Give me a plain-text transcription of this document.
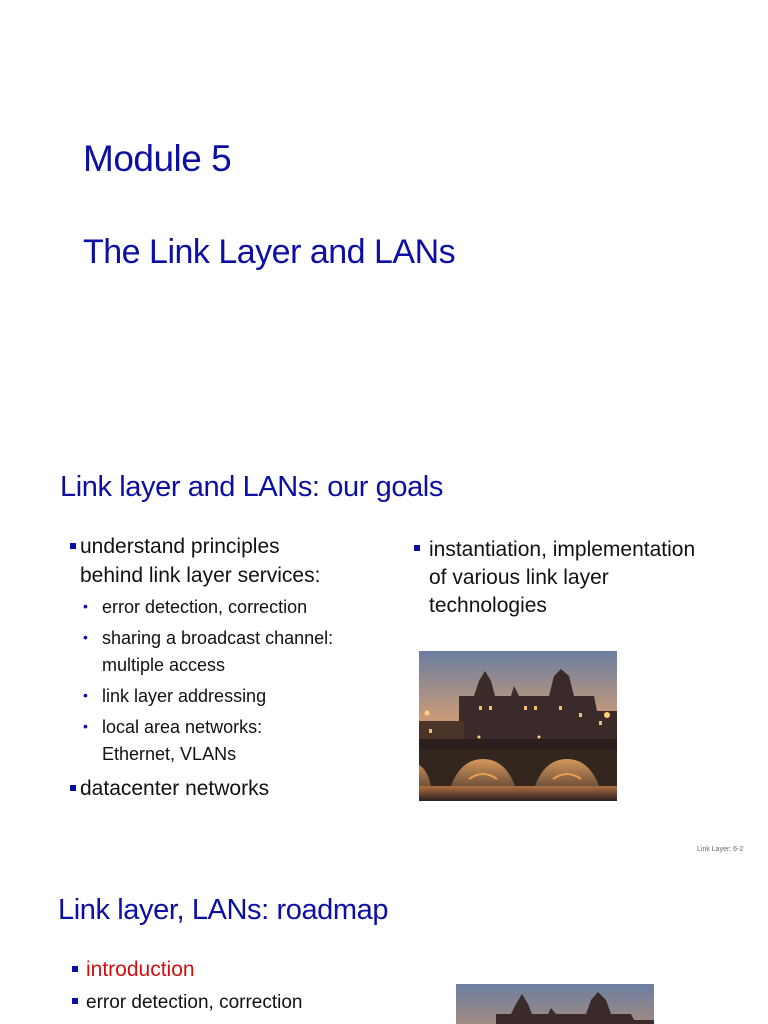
Module 5
The Link Layer and LANs
Link layer and LANs: our goals
understand principles
behind link layer services:
• error detection, correction
• sharing a broadcast channel:
multiple access
• link layer addressing
• local area networks:
Ethernet, VLANs
datacenter networks
instantiation, implementation
of various link layer
technologies
Link Layer: 6-2
Link layer, LANs: roadmap
introduction
error detection, correction
